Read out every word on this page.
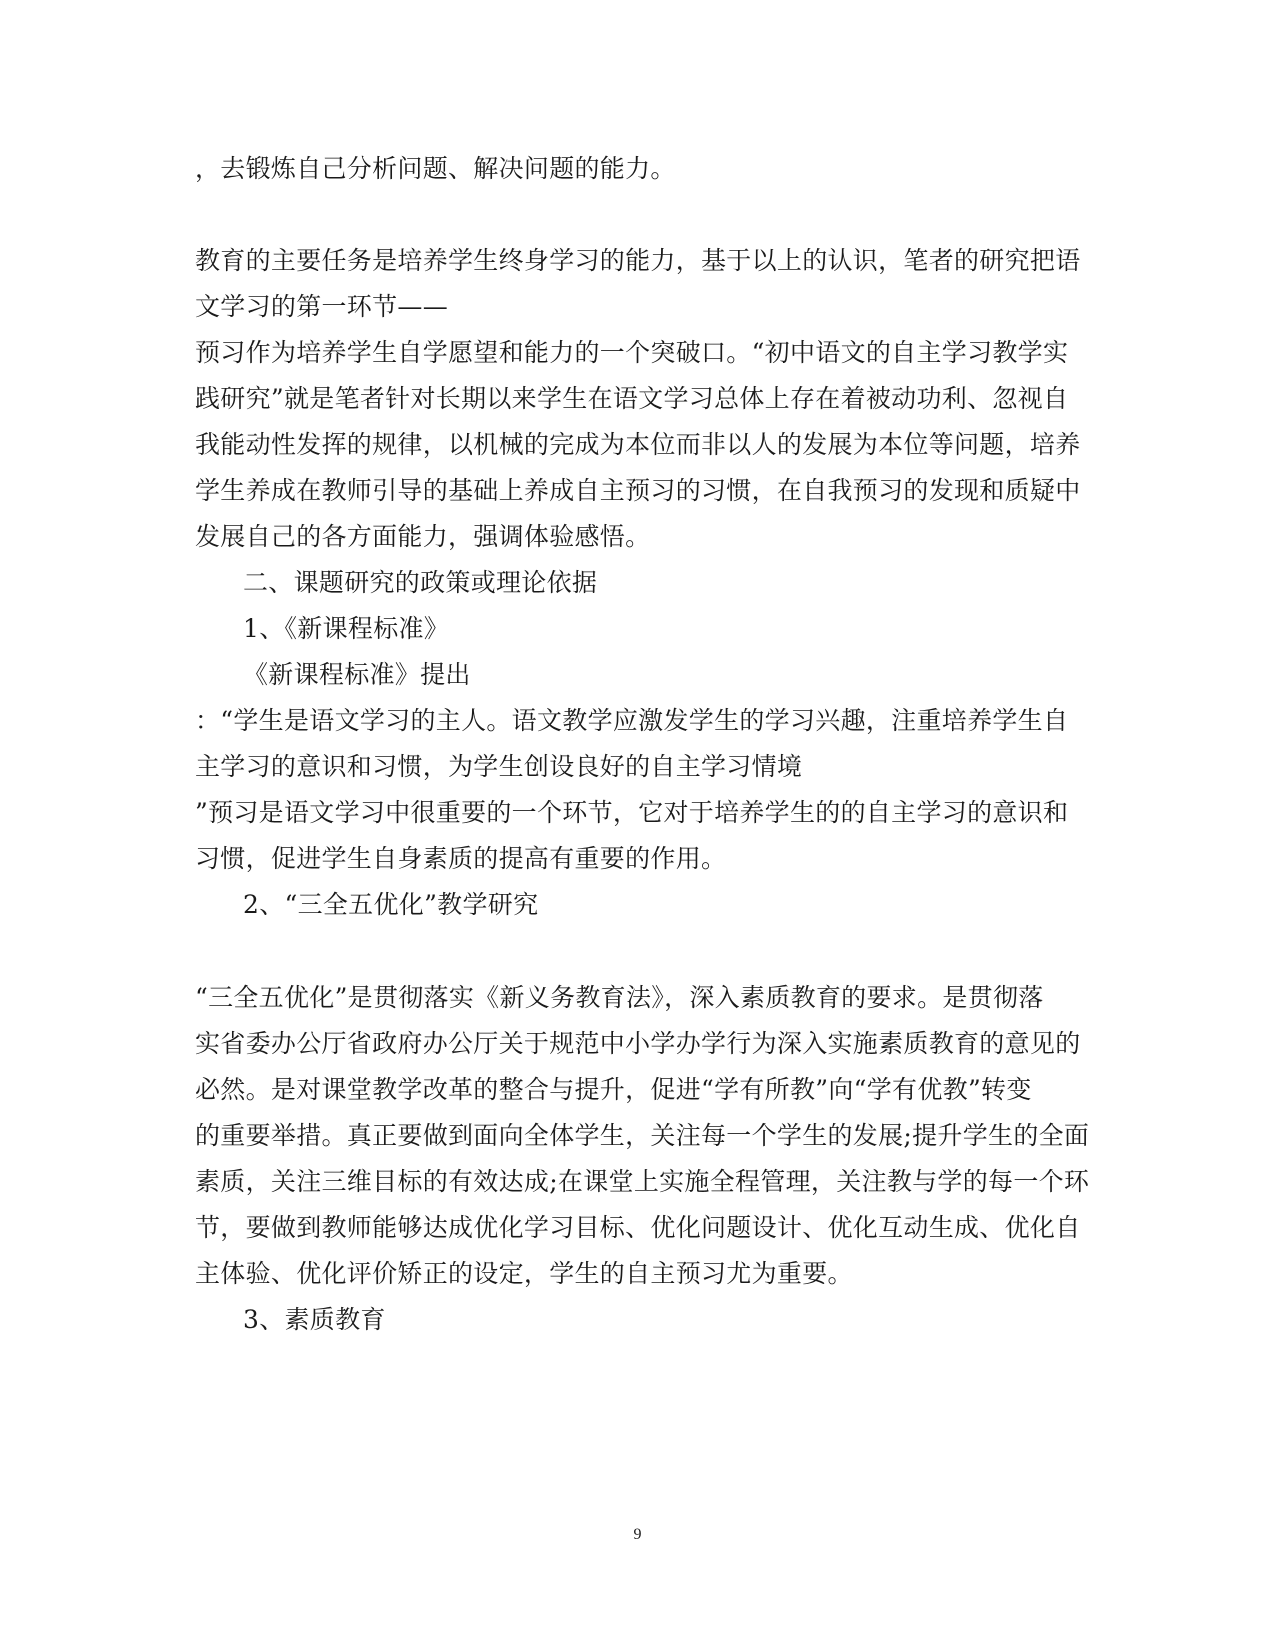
，去锻炼自己分析问题、解决问题的能力。
教育的主要任务是培养学生终身学习的能力，基于以上的认识，笔者的研究把语
文学习的第一环节——
预习作为培养学生自学愿望和能力的一个突破口。“初中语文的自主学习教学实
践研究”就是笔者针对长期以来学生在语文学习总体上存在着被动功利、忽视自
我能动性发挥的规律，以机械的完成为本位而非以人的发展为本位等问题，培养
学生养成在教师引导的基础上养成自主预习的习惯，在自我预习的发现和质疑中
发展自己的各方面能力，强调体验感悟。
二、课题研究的政策或理论依据
1、《新课程标准》
《新课程标准》提出
：“学生是语文学习的主人。语文教学应激发学生的学习兴趣，注重培养学生自
主学习的意识和习惯，为学生创设良好的自主学习情境
”预习是语文学习中很重要的一个环节，它对于培养学生的的自主学习的意识和
习惯，促进学生自身素质的提高有重要的作用。
2、“三全五优化”教学研究
“三全五优化”是贯彻落实《新义务教育法》，深入素质教育的要求。是贯彻落
实省委办公厅省政府办公厅关于规范中小学办学行为深入实施素质教育的意见的
必然。是对课堂教学改革的整合与提升，促进“学有所教”向“学有优教”转变
的重要举措。真正要做到面向全体学生，关注每一个学生的发展;提升学生的全面
素质，关注三维目标的有效达成;在课堂上实施全程管理，关注教与学的每一个环
节，要做到教师能够达成优化学习目标、优化问题设计、优化互动生成、优化自
主体验、优化评价矫正的设定，学生的自主预习尤为重要。
3、素质教育
9
